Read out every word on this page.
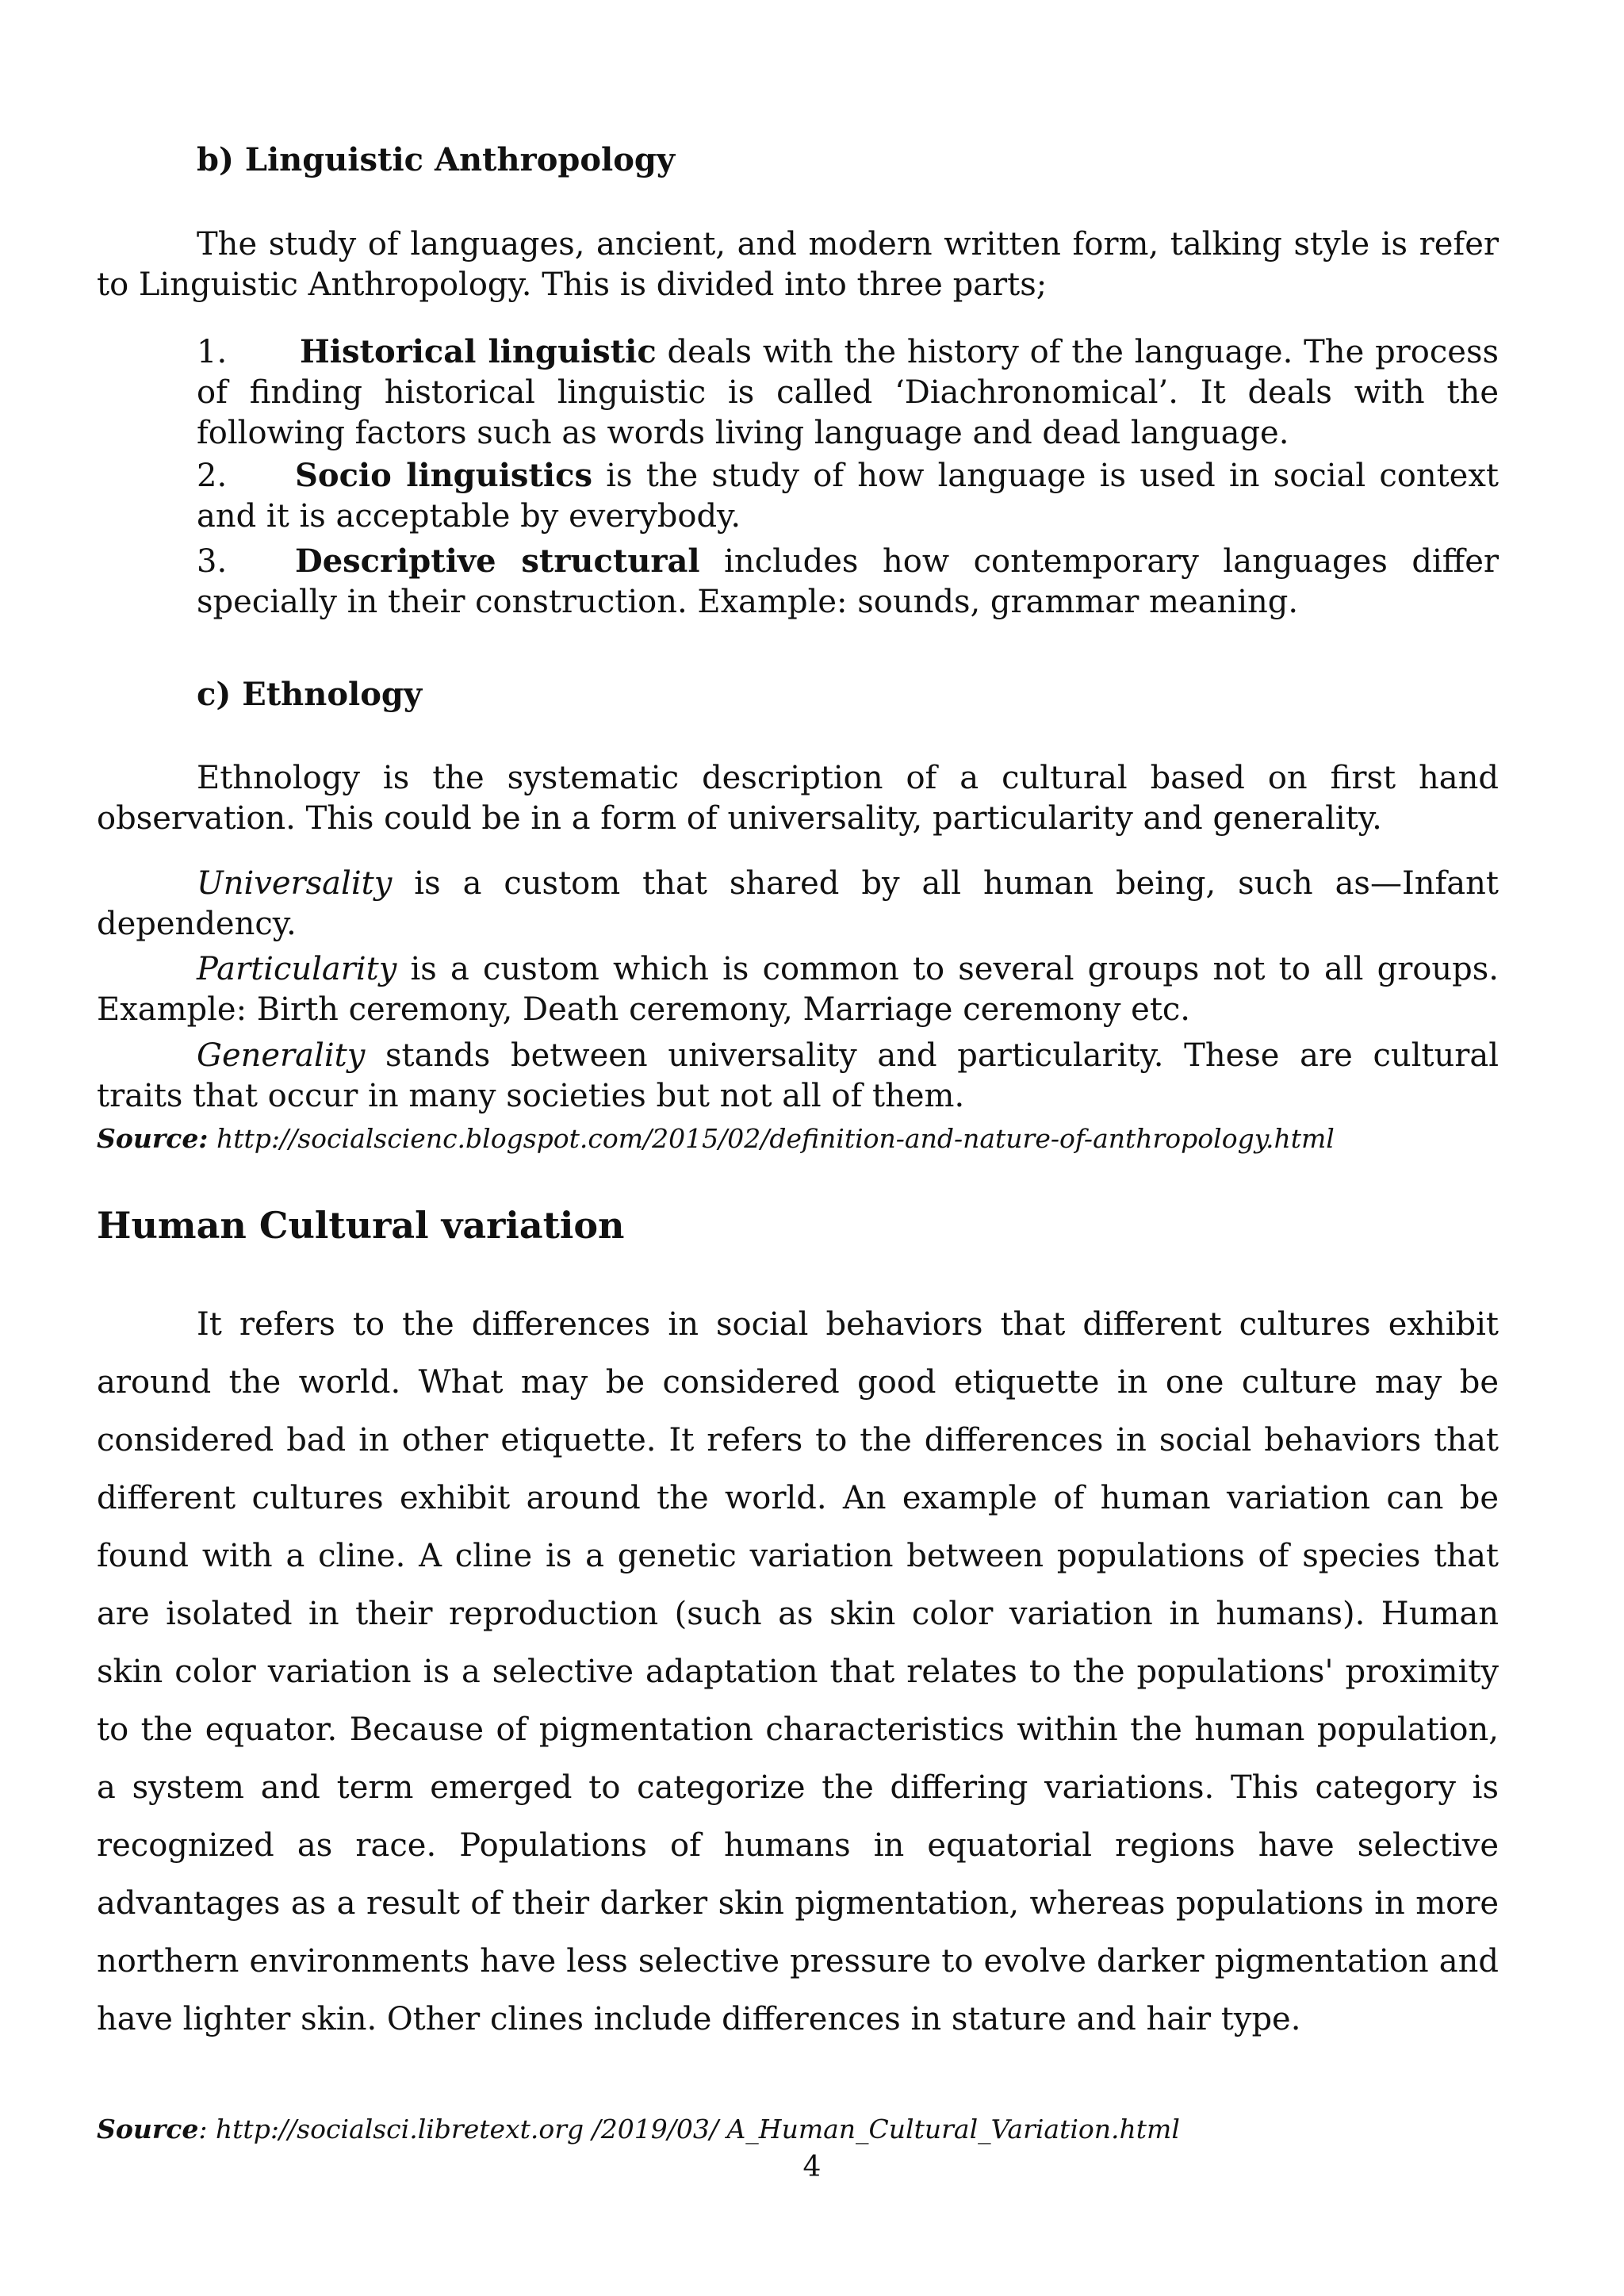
b) Linguistic Anthropology

The study of languages, ancient, and modern written form, talking style is refer to Linguistic Anthropology. This is divided into three parts;

1. Historical linguistic deals with the history of the language. The process of finding historical linguistic is called ‘Diachronomical’. It deals with the following factors such as words living language and dead language.

2. Socio linguistics is the study of how language is used in social context and it is acceptable by everybody.

3. Descriptive structural includes how contemporary languages differ specially in their construction. Example: sounds, grammar meaning.

c) Ethnology

Ethnology is the systematic description of a cultural based on first hand observation. This could be in a form of universality, particularity and generality.

Universality is a custom that shared by all human being, such as—Infant dependency.

Particularity is a custom which is common to several groups not to all groups. Example: Birth ceremony, Death ceremony, Marriage ceremony etc.

Generality stands between universality and particularity. These are cultural traits that occur in many societies but not all of them.

Source: http://socialscienc.blogspot.com/2015/02/definition-and-nature-of-anthropology.html
Human Cultural variation

It refers to the differences in social behaviors that different cultures exhibit around the world. What may be considered good etiquette in one culture may be considered bad in other etiquette. It refers to the differences in social behaviors that different cultures exhibit around the world. An example of human variation can be found with a cline. A cline is a genetic variation between populations of species that are isolated in their reproduction (such as skin color variation in humans). Human skin color variation is a selective adaptation that relates to the populations' proximity to the equator. Because of pigmentation characteristics within the human population, a system and term emerged to categorize the differing variations. This category is recognized as race. Populations of humans in equatorial regions have selective advantages as a result of their darker skin pigmentation, whereas populations in more northern environments have less selective pressure to evolve darker pigmentation and have lighter skin. Other clines include differences in stature and hair type.

Source: http://socialsci.libretext.org /2019/03/ A_Human_Cultural_Variation.html
4
